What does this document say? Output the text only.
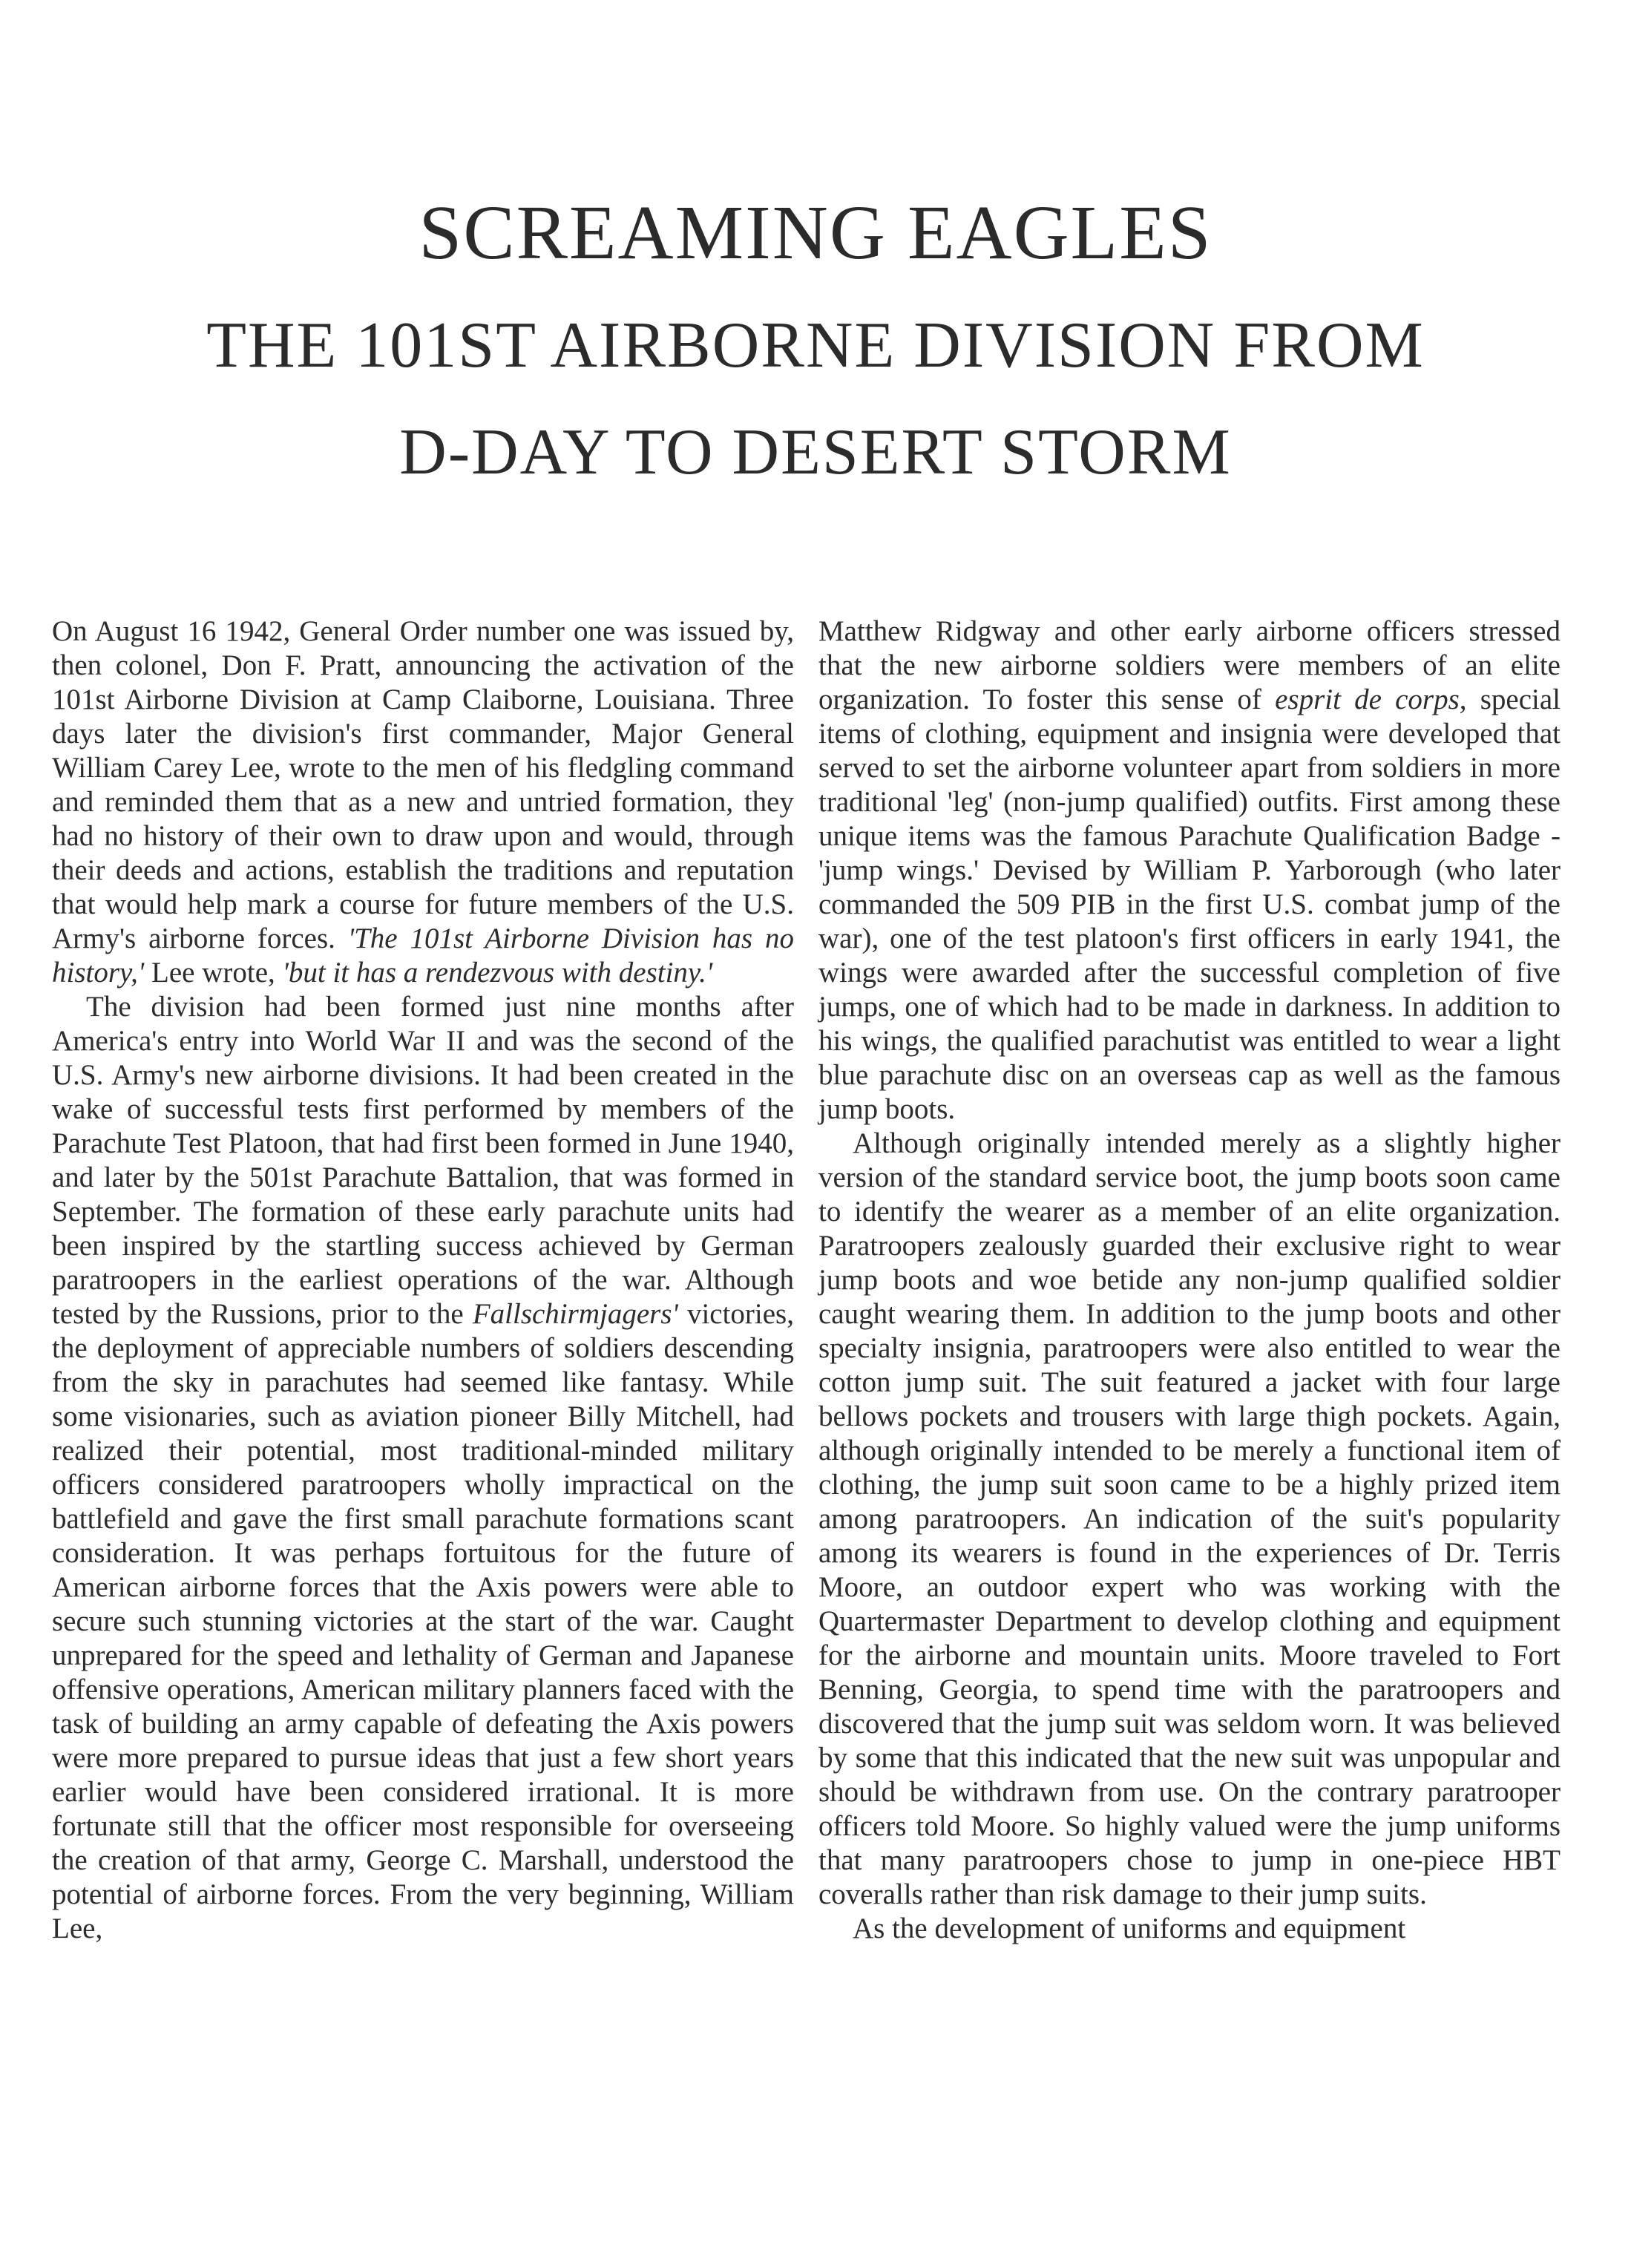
SCREAMING EAGLES
THE 101ST AIRBORNE DIVISION FROM
D-DAY TO DESERT STORM

On August 16 1942, General Order number one was issued by, then colonel, Don F. Pratt, announcing the activation of the 101st Airborne Division at Camp Claiborne, Louisiana. Three days later the division's first commander, Major General William Carey Lee, wrote to the men of his fledgling command and reminded them that as a new and untried formation, they had no history of their own to draw upon and would, through their deeds and actions, establish the traditions and reputation that would help mark a course for future members of the U.S. Army's airborne forces. 'The 101st Airborne Division has no history,' Lee wrote, 'but it has a rendezvous with destiny.'

The division had been formed just nine months after America's entry into World War II and was the second of the U.S. Army's new airborne divisions. It had been created in the wake of successful tests first performed by members of the Parachute Test Platoon, that had first been formed in June 1940, and later by the 501st Parachute Battalion, that was formed in September. The formation of these early parachute units had been inspired by the startling success achieved by German paratroopers in the earliest operations of the war. Although tested by the Russions, prior to the Fallschirmjagers' victories, the deployment of appreciable numbers of soldiers descending from the sky in parachutes had seemed like fantasy. While some visionaries, such as aviation pioneer Billy Mitchell, had realized their potential, most traditional-minded military officers considered paratroopers wholly impractical on the battlefield and gave the first small parachute formations scant consideration. It was perhaps fortuitous for the future of American airborne forces that the Axis powers were able to secure such stunning victories at the start of the war. Caught unprepared for the speed and lethality of German and Japanese offensive operations, American military planners faced with the task of building an army capable of defeating the Axis powers were more prepared to pursue ideas that just a few short years earlier would have been considered irrational. It is more fortunate still that the officer most responsible for overseeing the creation of that army, George C. Marshall, understood the potential of airborne forces. From the very beginning, William Lee,

Matthew Ridgway and other early airborne officers stressed that the new airborne soldiers were members of an elite organization. To foster this sense of esprit de corps, special items of clothing, equipment and insignia were developed that served to set the airborne volunteer apart from soldiers in more traditional 'leg' (non-jump qualified) outfits. First among these unique items was the famous Parachute Qualification Badge - 'jump wings.' Devised by William P. Yarborough (who later commanded the 509 PIB in the first U.S. combat jump of the war), one of the test platoon's first officers in early 1941, the wings were awarded after the successful completion of five jumps, one of which had to be made in darkness. In addition to his wings, the qualified parachutist was entitled to wear a light blue parachute disc on an overseas cap as well as the famous jump boots.

Although originally intended merely as a slightly higher version of the standard service boot, the jump boots soon came to identify the wearer as a member of an elite organization. Paratroopers zealously guarded their exclusive right to wear jump boots and woe betide any non-jump qualified soldier caught wearing them. In addition to the jump boots and other specialty insignia, paratroopers were also entitled to wear the cotton jump suit. The suit featured a jacket with four large bellows pockets and trousers with large thigh pockets. Again, although originally intended to be merely a functional item of clothing, the jump suit soon came to be a highly prized item among paratroopers. An indication of the suit's popularity among its wearers is found in the experiences of Dr. Terris Moore, an outdoor expert who was working with the Quartermaster Department to develop clothing and equipment for the airborne and mountain units. Moore traveled to Fort Benning, Georgia, to spend time with the paratroopers and discovered that the jump suit was seldom worn. It was believed by some that this indicated that the new suit was unpopular and should be withdrawn from use. On the contrary paratrooper officers told Moore. So highly valued were the jump uniforms that many paratroopers chose to jump in one-piece HBT coveralls rather than risk damage to their jump suits.

As the development of uniforms and equipment
